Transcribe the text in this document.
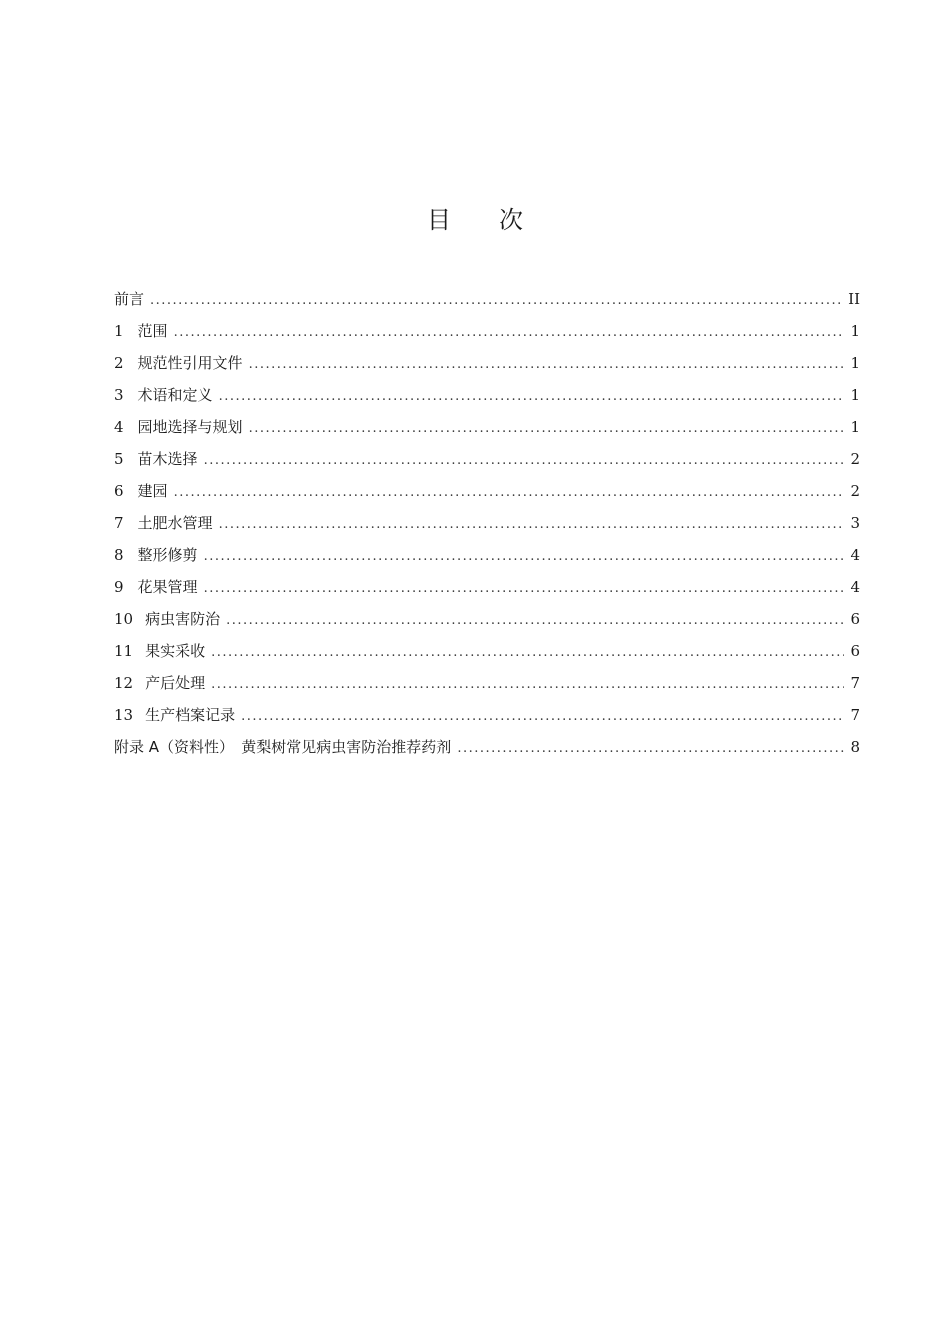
目 次
前言 .....	II
1 范围 .....	1
2 规范性引用文件 .....	1
3 术语和定义 .....	1
4 园地选择与规划 .....	1
5 苗木选择 .....	2
6 建园 .....	2
7 土肥水管理 .....	3
8 整形修剪 .....	4
9 花果管理 .....	4
10 病虫害防治 .....	6
11 果实采收 .....	6
12 产后处理 .....	7
13 生产档案记录 .....	7
附录 A（资料性） 黄梨树常见病虫害防治推荐药剂 .....	8
